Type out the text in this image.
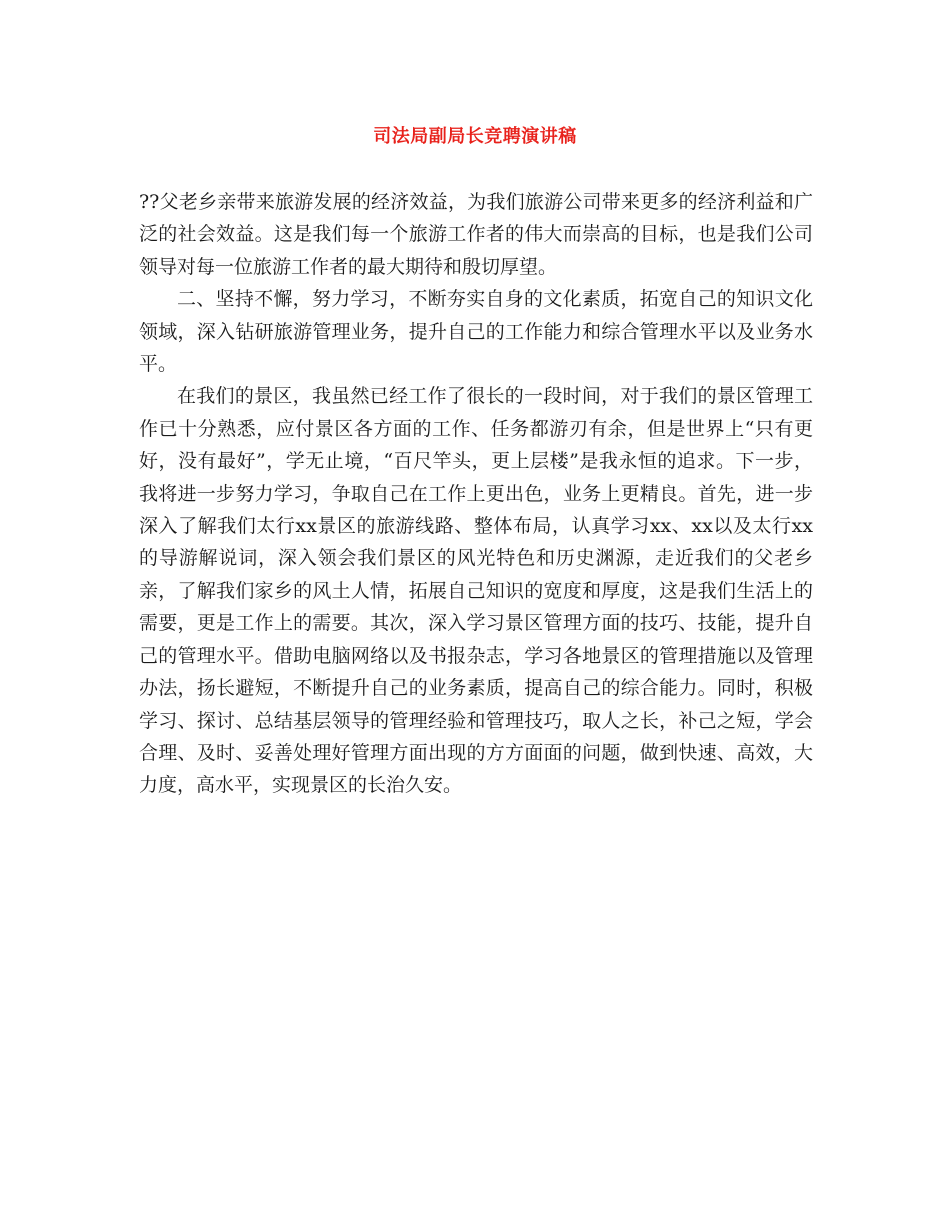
司法局副局长竞聘演讲稿

??父老乡亲带来旅游发展的经济效益，为我们旅游公司带来更多的经济利益和广泛的社会效益。这是我们每一个旅游工作者的伟大而崇高的目标，也是我们公司领导对每一位旅游工作者的最大期待和殷切厚望。

二、坚持不懈，努力学习，不断夯实自身的文化素质，拓宽自己的知识文化领域，深入钻研旅游管理业务，提升自己的工作能力和综合管理水平以及业务水平。

在我们的景区，我虽然已经工作了很长的一段时间，对于我们的景区管理工作已十分熟悉，应付景区各方面的工作、任务都游刃有余，但是世界上“只有更好，没有最好”，学无止境，“百尺竿头，更上层楼”是我永恒的追求。下一步，我将进一步努力学习，争取自己在工作上更出色，业务上更精良。首先，进一步深入了解我们太行xx景区的旅游线路、整体布局，认真学习xx、xx以及太行xx的导游解说词，深入领会我们景区的风光特色和历史渊源，走近我们的父老乡亲，了解我们家乡的风土人情，拓展自己知识的宽度和厚度，这是我们生活上的需要，更是工作上的需要。其次，深入学习景区管理方面的技巧、技能，提升自己的管理水平。借助电脑网络以及书报杂志，学习各地景区的管理措施以及管理办法，扬长避短，不断提升自己的业务素质，提高自己的综合能力。同时，积极学习、探讨、总结基层领导的管理经验和管理技巧，取人之长，补己之短，学会合理、及时、妥善处理好管理方面出现的方方面面的问题，做到快速、高效，大力度，高水平，实现景区的长治久安。
